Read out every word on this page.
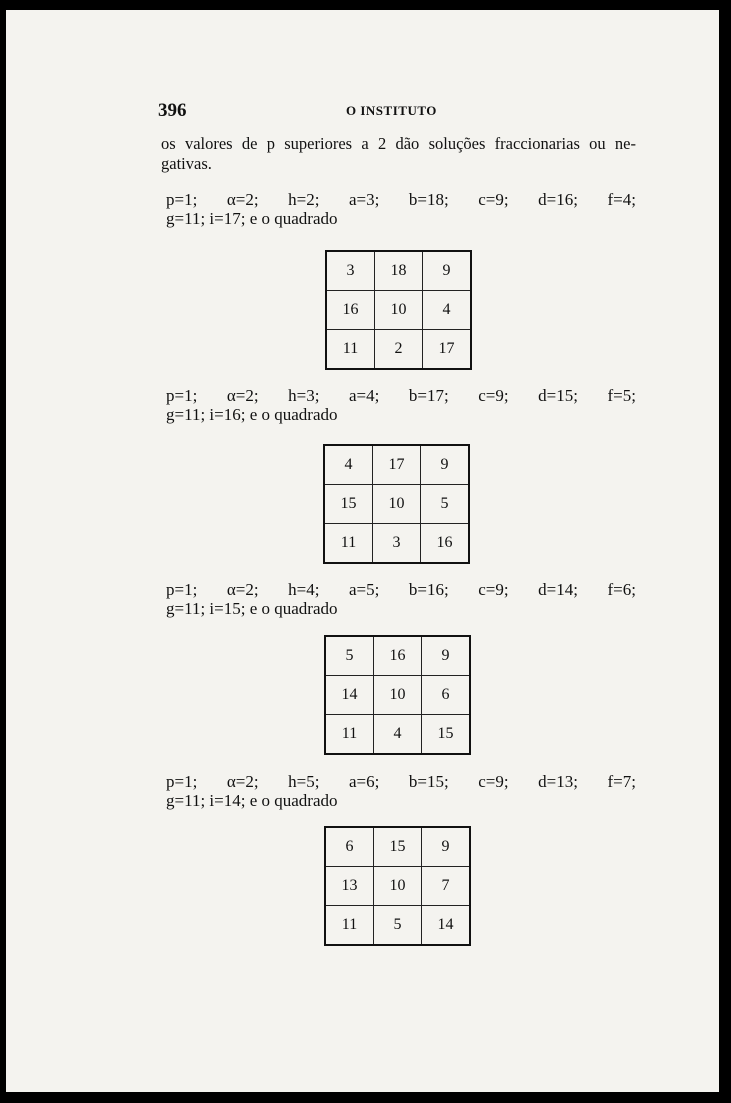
396	O INSTITUTO
os valores de p superiores a 2 dão soluções fraccionarias ou ne-
gativas.
p=1; α=2; h=2; a=3; b=18; c=9; d=16; f=4;
g=11; i=17; e o quadrado
3	18	9
16	10	4
11	2	17
p=1; α=2; h=3; a=4; b=17; c=9; d=15; f=5;
g=11; i=16; e o quadrado
4	17	9
15	10	5
11	3	16
p=1; α=2; h=4; a=5; b=16; c=9; d=14; f=6;
g=11; i=15; e o quadrado
5	16	9
14	10	6
11	4	15
p=1; α=2; h=5; a=6; b=15; c=9; d=13; f=7;
g=11; i=14; e o quadrado
6	15	9
13	10	7
11	5	14
